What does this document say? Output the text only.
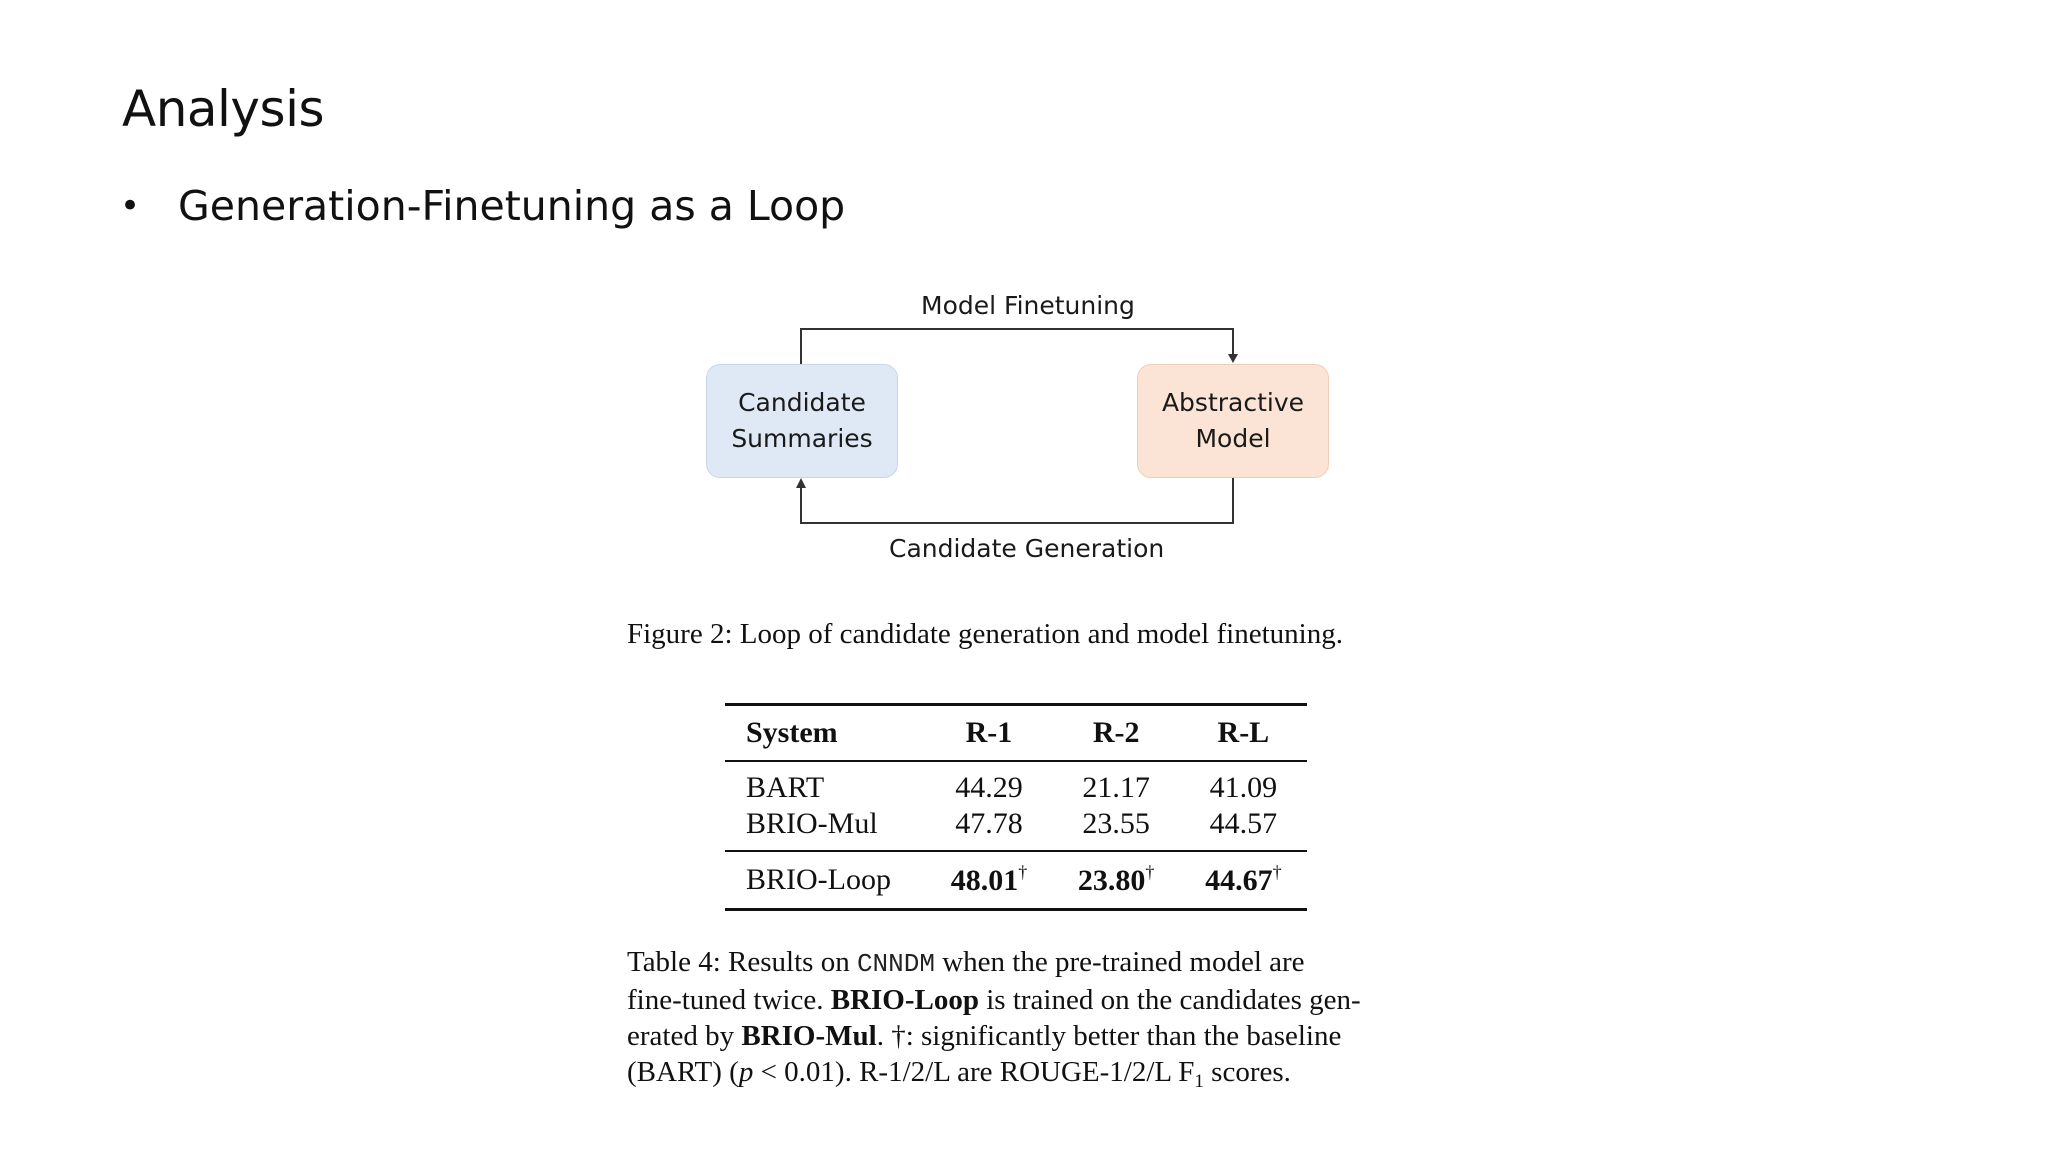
Analysis
• Generation-Finetuning as a Loop
Candidate
Summaries
Abstractive
Model
Model Finetuning
Candidate Generation
Figure 2: Loop of candidate generation and model finetuning.
System	R-1	R-2	R-L
BART	44.29	21.17	41.09
BRIO-Mul	47.78	23.55	44.57
BRIO-Loop	48.01†	23.80†	44.67†
Table 4: Results on CNNDM when the pre-trained model are
fine-tuned twice. BRIO-Loop is trained on the candidates gen-
erated by BRIO-Mul. †: significantly better than the baseline
(BART) (p < 0.01). R-1/2/L are ROUGE-1/2/L $F_1$ scores.
